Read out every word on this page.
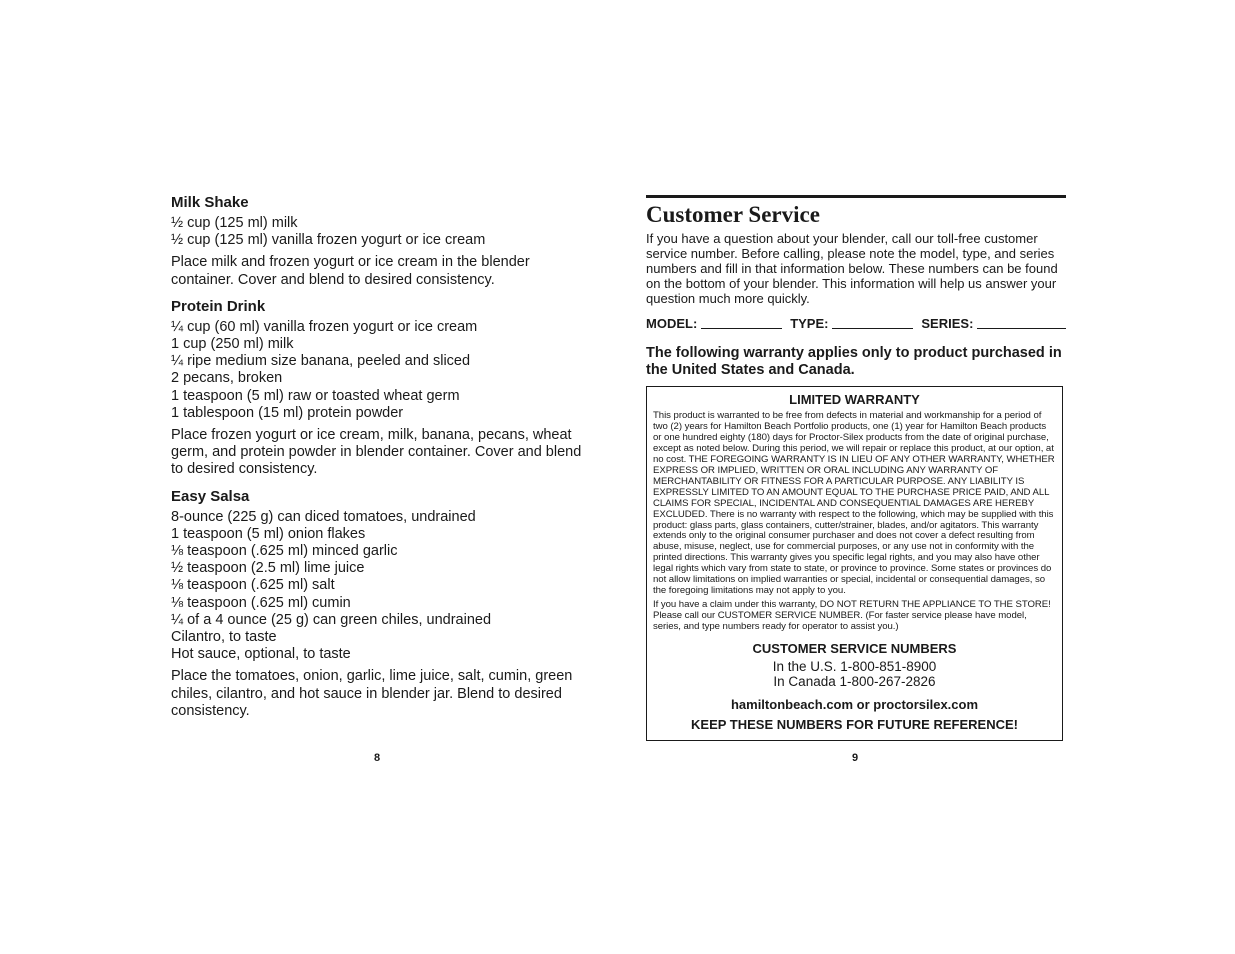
Milk Shake
½ cup (125 ml) milk
½ cup (125 ml) vanilla frozen yogurt or ice cream

Place milk and frozen yogurt or ice cream in the blender container. Cover and blend to desired consistency.

Protein Drink
¼ cup (60 ml) vanilla frozen yogurt or ice cream
1 cup (250 ml) milk
¼ ripe medium size banana, peeled and sliced
2 pecans, broken
1 teaspoon (5 ml) raw or toasted wheat germ
1 tablespoon (15 ml) protein powder

Place frozen yogurt or ice cream, milk, banana, pecans, wheat germ, and protein powder in blender container. Cover and blend to desired consistency.

Easy Salsa
8-ounce (225 g) can diced tomatoes, undrained
1 teaspoon (5 ml) onion flakes
⅛ teaspoon (.625 ml) minced garlic
½ teaspoon (2.5 ml) lime juice
⅛ teaspoon (.625 ml) salt
⅛ teaspoon (.625 ml) cumin
¼ of a 4 ounce (25 g) can green chiles, undrained
Cilantro, to taste
Hot sauce, optional, to taste

Place the tomatoes, onion, garlic, lime juice, salt, cumin, green chiles, cilantro, and hot sauce in blender jar. Blend to desired consistency.

8
Customer Service

If you have a question about your blender, call our toll-free customer service number. Before calling, please note the model, type, and series numbers and fill in that information below. These numbers can be found on the bottom of your blender. This information will help us answer your question much more quickly.

MODEL:	TYPE:	SERIES:

The following warranty applies only to product purchased in the United States and Canada.

LIMITED WARRANTY

This product is warranted to be free from defects in material and workmanship for a period of two (2) years for Hamilton Beach Portfolio products, one (1) year for Hamilton Beach products or one hundred eighty (180) days for Proctor-Silex products from the date of original purchase, except as noted below. During this period, we will repair or replace this product, at our option, at no cost. THE FOREGOING WARRANTY IS IN LIEU OF ANY OTHER WARRANTY, WHETHER EXPRESS OR IMPLIED, WRITTEN OR ORAL INCLUDING ANY WARRANTY OF MERCHANTABILITY OR FITNESS FOR A PARTICULAR PURPOSE. ANY LIABILITY IS EXPRESSLY LIMITED TO AN AMOUNT EQUAL TO THE PURCHASE PRICE PAID, AND ALL CLAIMS FOR SPECIAL, INCIDENTAL AND CONSEQUENTIAL DAMAGES ARE HEREBY EXCLUDED. There is no warranty with respect to the following, which may be supplied with this product: glass parts, glass containers, cutter/strainer, blades, and/or agitators. This warranty extends only to the original consumer purchaser and does not cover a defect resulting from abuse, misuse, neglect, use for commercial purposes, or any use not in conformity with the printed directions. This warranty gives you specific legal rights, and you may also have other legal rights which vary from state to state, or province to province. Some states or provinces do not allow limitations on implied warranties or special, incidental or consequential damages, so the foregoing limitations may not apply to you.

If you have a claim under this warranty, DO NOT RETURN THE APPLIANCE TO THE STORE! Please call our CUSTOMER SERVICE NUMBER. (For faster service please have model, series, and type numbers ready for operator to assist you.)

CUSTOMER SERVICE NUMBERS

In the U.S. 1-800-851-8900

In Canada 1-800-267-2826

hamiltonbeach.com or proctorsilex.com

KEEP THESE NUMBERS FOR FUTURE REFERENCE!

9
